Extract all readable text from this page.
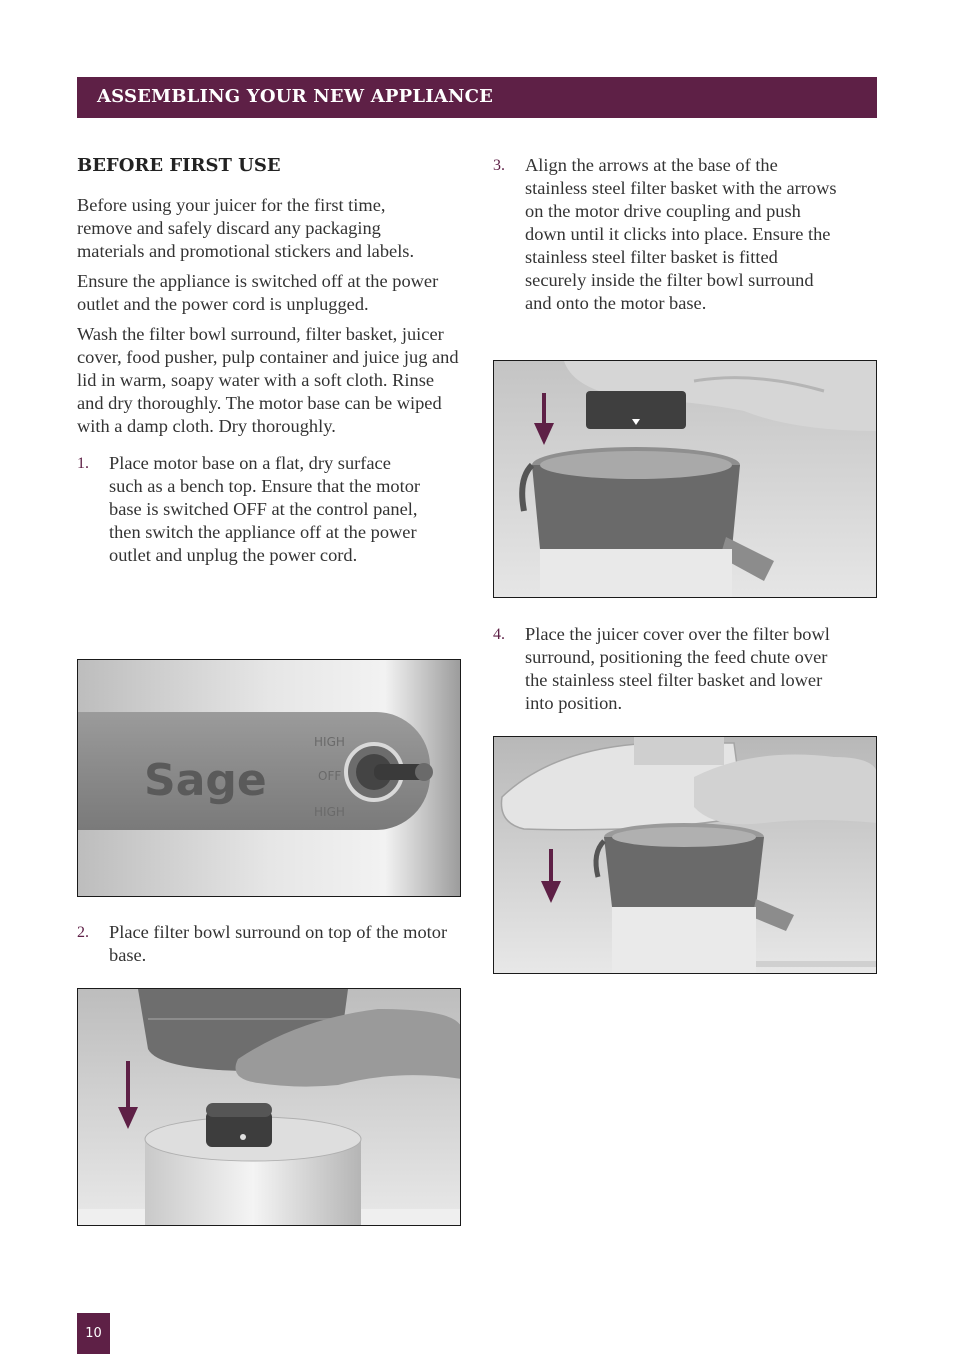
ASSEMBLING YOUR NEW APPLIANCE
BEFORE FIRST USE

Before using your juicer for the first time, remove and safely discard any packaging materials and promotional stickers and labels.

Ensure the appliance is switched off at the power outlet and the power cord is unplugged.

Wash the filter bowl surround, filter basket, juicer cover, food pusher, pulp container and juice jug and lid in warm, soapy water with a soft cloth. Rinse and dry thoroughly. The motor base can be wiped with a damp cloth. Dry thoroughly.

1. Place motor base on a flat, dry surface such as a bench top. Ensure that the motor base is switched OFF at the control panel, then switch the appliance off at the power outlet and unplug the power cord.
Sage
HIGH
OFF
HIGH
2. Place filter bowl surround on top of the motor base.
3. Align the arrows at the base of the stainless steel filter basket with the arrows on the motor drive coupling and push down until it clicks into place. Ensure the stainless steel filter basket is fitted securely inside the filter bowl surround and onto the motor base.
4. Place the juicer cover over the filter bowl surround, positioning the feed chute over the stainless steel filter basket and lower into position.
10
